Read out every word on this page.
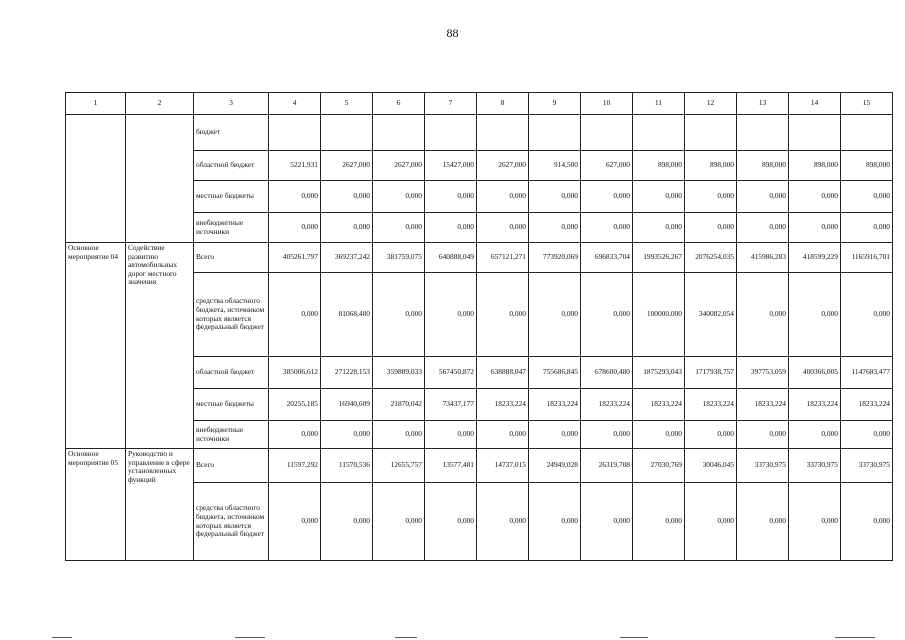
88
1	2	3	4	5	6	7	8	9	10	11	12	13	14	15
		бюджет												
		областной бюджет	5221,931	2627,000	2627,000	15427,000	2627,000	914,500	627,000	898,000	898,000	898,000	898,000	898,000
		местные бюджеты	0,000	0,000	0,000	0,000	0,000	0,000	0,000	0,000	0,000	0,000	0,000	0,000
		внебюджетные источники	0,000	0,000	0,000	0,000	0,000	0,000	0,000	0,000	0,000	0,000	0,000	0,000
Основное мероприятие 04	Содействие развитию автомобильных дорог местного значения	Всего	405261,797	369237,242	381759,075	640888,049	657121,271	773920,069	696833,704	1993526,267	2076254,035	415986,283	418599,229	1165916,701
		средства областного бюджета, источником которых является федеральный бюджет	0,000	81068,480	0,000	0,000	0,000	0,000	0,000	100000,000	340082,054	0,000	0,000	0,000
		областной бюджет	385006,612	271228,153	359889,033	567450,872	638888,047	755686,845	678600,480	1875293,043	1717938,757	397753,059	400366,005	1147683,477
		местные бюджеты	20255,185	16940,609	21870,042	73437,177	18233,224	18233,224	18233,224	18233,224	18233,224	18233,224	18233,224	18233,224
		внебюджетные источники	0,000	0,000	0,000	0,000	0,000	0,000	0,000	0,000	0,000	0,000	0,000	0,000
Основное мероприятие 05	Руководство и управление в сфере установленных функций	Всего	11597,292	11570,536	12655,757	13577,481	14737,015	24949,028	26319,708	27030,769	30046,045	33730,975	33730,975	33730,975
		средства областного бюджета, источником которых является федеральный бюджет	0,000	0,000	0,000	0,000	0,000	0,000	0,000	0,000	0,000	0,000	0,000	0,000
